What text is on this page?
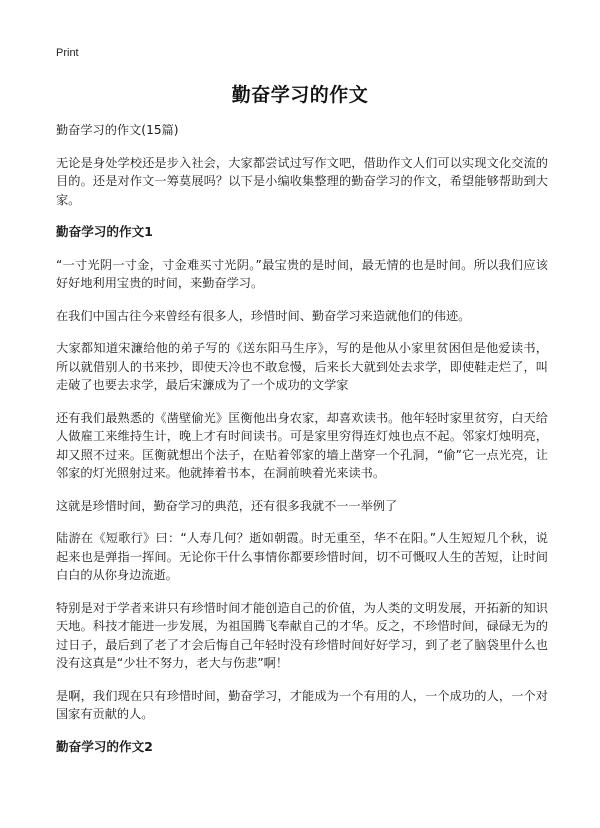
Print
勤奋学习的作文

勤奋学习的作文(15篇)

无论是身处学校还是步入社会，大家都尝试过写作文吧，借助作文人们可以实现文化交流的目的。还是对作文一筹莫展吗？以下是小编收集整理的勤奋学习的作文，希望能够帮助到大家。

勤奋学习的作文1

“一寸光阴一寸金，寸金难买寸光阴。”最宝贵的是时间，最无情的也是时间。所以我们应该好好地利用宝贵的时间，来勤奋学习。

在我们中国古往今来曾经有很多人，珍惜时间、勤奋学习来造就他们的伟迹。

大家都知道宋濂给他的弟子写的《送东阳马生序》，写的是他从小家里贫困但是他爱读书，所以就借别人的书来抄，即使天冷也不敢怠慢，后来长大就到处去求学，即使鞋走烂了，叫走破了也要去求学，最后宋濂成为了一个成功的文学家

还有我们最熟悉的《凿壁偷光》匡衡他出身农家，却喜欢读书。他年轻时家里贫穷，白天给人做雇工来维持生计，晚上才有时间读书。可是家里穷得连灯烛也点不起。邻家灯烛明亮，却又照不过来。匡衡就想出个法子，在贴着邻家的墙上凿穿一个孔洞，“偷”它一点光亮，让邻家的灯光照射过来。他就捧着书本，在洞前映着光来读书。

这就是珍惜时间，勤奋学习的典范，还有很多我就不一一举例了

陆游在《短歌行》曰：“人寿几何？逝如朝霞。时无重至，华不在阳。”人生短短几个秋，说起来也是弹指一挥间。无论你干什么事情你都要珍惜时间，切不可慨叹人生的苦短，让时间白白的从你身边流逝。

特别是对于学者来讲只有珍惜时间才能创造自己的价值，为人类的文明发展，开拓新的知识天地。科技才能进一步发展，为祖国腾飞奉献自己的才华。反之，不珍惜时间，碌碌无为的过日子，最后到了老了才会后悔自己年轻时没有珍惜时间好好学习，到了老了脑袋里什么也没有这真是“少壮不努力，老大与伤悲”啊！

是啊，我们现在只有珍惜时间，勤奋学习，才能成为一个有用的人，一个成功的人，一个对国家有贡献的人。

勤奋学习的作文2
